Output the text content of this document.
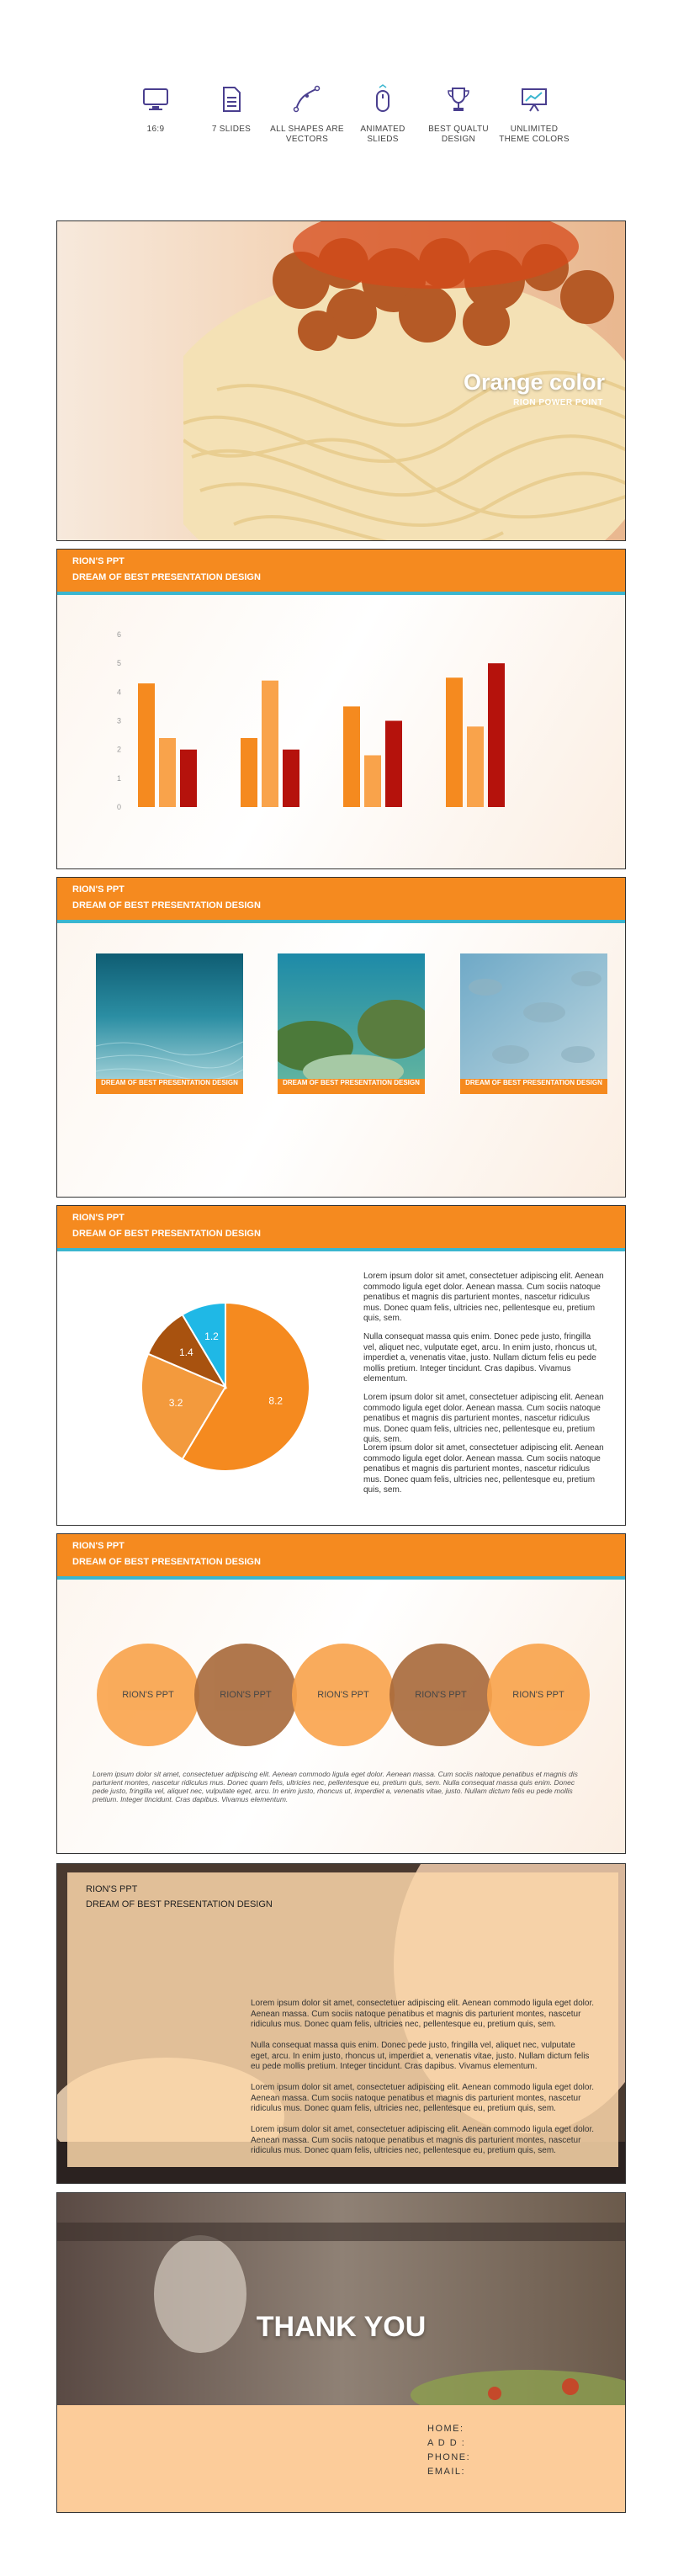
16:9	7 SLIDES	ALL SHAPES ARE VECTORS
ANIMATED SLIEDS
BEST QUALTU DESIGN
UNLIMITED THEME COLORS
Orange color
RION POWER POINT
RION'S PPT
DREAM OF BEST PRESENTATION DESIGN
0
1
2
3
4
5
6
RION'S PPT
DREAM OF BEST PRESENTATION DESIGN
DREAM OF BEST PRESENTATION DESIGN	DREAM OF BEST PRESENTATION DESIGN	DREAM OF BEST PRESENTATION DESIGN
RION'S PPT
DREAM OF BEST PRESENTATION DESIGN
8.2
3.2
1.4
1.2
Lorem ipsum dolor sit amet, consectetuer adipiscing elit. Aenean commodo ligula eget dolor. Aenean massa. Cum sociis natoque penatibus et magnis dis parturient montes, nascetur ridiculus mus. Donec quam felis, ultricies nec, pellentesque eu, pretium quis, sem.
Nulla consequat massa quis enim. Donec pede justo, fringilla vel, aliquet nec, vulputate eget, arcu. In enim justo, rhoncus ut, imperdiet a, venenatis vitae, justo. Nullam dictum felis eu pede mollis pretium. Integer tincidunt. Cras dapibus. Vivamus elementum.
Lorem ipsum dolor sit amet, consectetuer adipiscing elit. Aenean commodo ligula eget dolor. Aenean massa. Cum sociis natoque penatibus et magnis dis parturient montes, nascetur ridiculus mus. Donec quam felis, ultricies nec, pellentesque eu, pretium quis, sem.
Lorem ipsum dolor sit amet, consectetuer adipiscing elit. Aenean commodo ligula eget dolor. Aenean massa. Cum sociis natoque penatibus et magnis dis parturient montes, nascetur ridiculus mus. Donec quam felis, ultricies nec, pellentesque eu, pretium quis, sem.
RION'S PPT
DREAM OF BEST PRESENTATION DESIGN
RION'S PPT	RION'S PPT	RION'S PPT	RION'S PPT	RION'S PPT
Lorem ipsum dolor sit amet, consectetuer adipiscing elit. Aenean commodo ligula eget dolor. Aenean massa. Cum sociis natoque penatibus et magnis dis parturient montes, nascetur ridiculus mus. Donec quam felis, ultricies nec, pellentesque eu, pretium quis, sem. Nulla consequat massa quis enim. Donec pede justo, fringilla vel, aliquet nec, vulputate eget, arcu. In enim justo, rhoncus ut, imperdiet a, venenatis vitae, justo. Nullam dictum felis eu pede mollis pretium. Integer tincidunt. Cras dapibus. Vivamus elementum.
RION'S PPT
DREAM OF BEST PRESENTATION DESIGN
Lorem ipsum dolor sit amet, consectetuer adipiscing elit. Aenean commodo ligula eget dolor. Aenean massa. Cum sociis natoque penatibus et magnis dis parturient montes, nascetur ridiculus mus. Donec quam felis, ultricies nec, pellentesque eu, pretium quis, sem.
Nulla consequat massa quis enim. Donec pede justo, fringilla vel, aliquet nec, vulputate eget, arcu. In enim justo, rhoncus ut, imperdiet a, venenatis vitae, justo. Nullam dictum felis eu pede mollis pretium. Integer tincidunt. Cras dapibus. Vivamus elementum.
Lorem ipsum dolor sit amet, consectetuer adipiscing elit. Aenean commodo ligula eget dolor. Aenean massa. Cum sociis natoque penatibus et magnis dis parturient montes, nascetur ridiculus mus. Donec quam felis, ultricies nec, pellentesque eu, pretium quis, sem.
Lorem ipsum dolor sit amet, consectetuer adipiscing elit. Aenean commodo ligula eget dolor. Aenean massa. Cum sociis natoque penatibus et magnis dis parturient montes, nascetur ridiculus mus. Donec quam felis, ultricies nec, pellentesque eu, pretium quis, sem.
THANK YOU
HOME:
A D D :
PHONE:
EMAIL:
